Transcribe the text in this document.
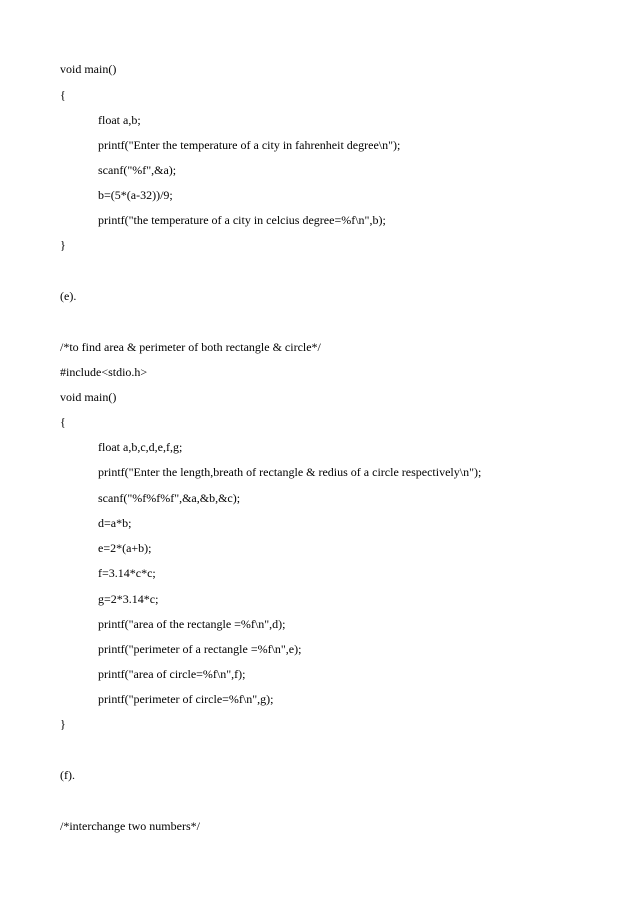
void main()
{
float a,b;
printf("Enter the temperature of a city in fahrenheit degree\n");
scanf("%f",&a);
b=(5*(a-32))/9;
printf("the temperature of a city in celcius degree=%f\n",b);
}
(e).
/*to find area & perimeter of both rectangle & circle*/
#include<stdio.h>
void main()
{
float a,b,c,d,e,f,g;
printf("Enter the length,breath of rectangle & redius of a circle respectively\n");
scanf("%f%f%f",&a,&b,&c);
d=a*b;
e=2*(a+b);
f=3.14*c*c;
g=2*3.14*c;
printf("area of the rectangle =%f\n",d);
printf("perimeter of a rectangle =%f\n",e);
printf("area of circle=%f\n",f);
printf("perimeter of circle=%f\n",g);
}
(f).
/*interchange two numbers*/
